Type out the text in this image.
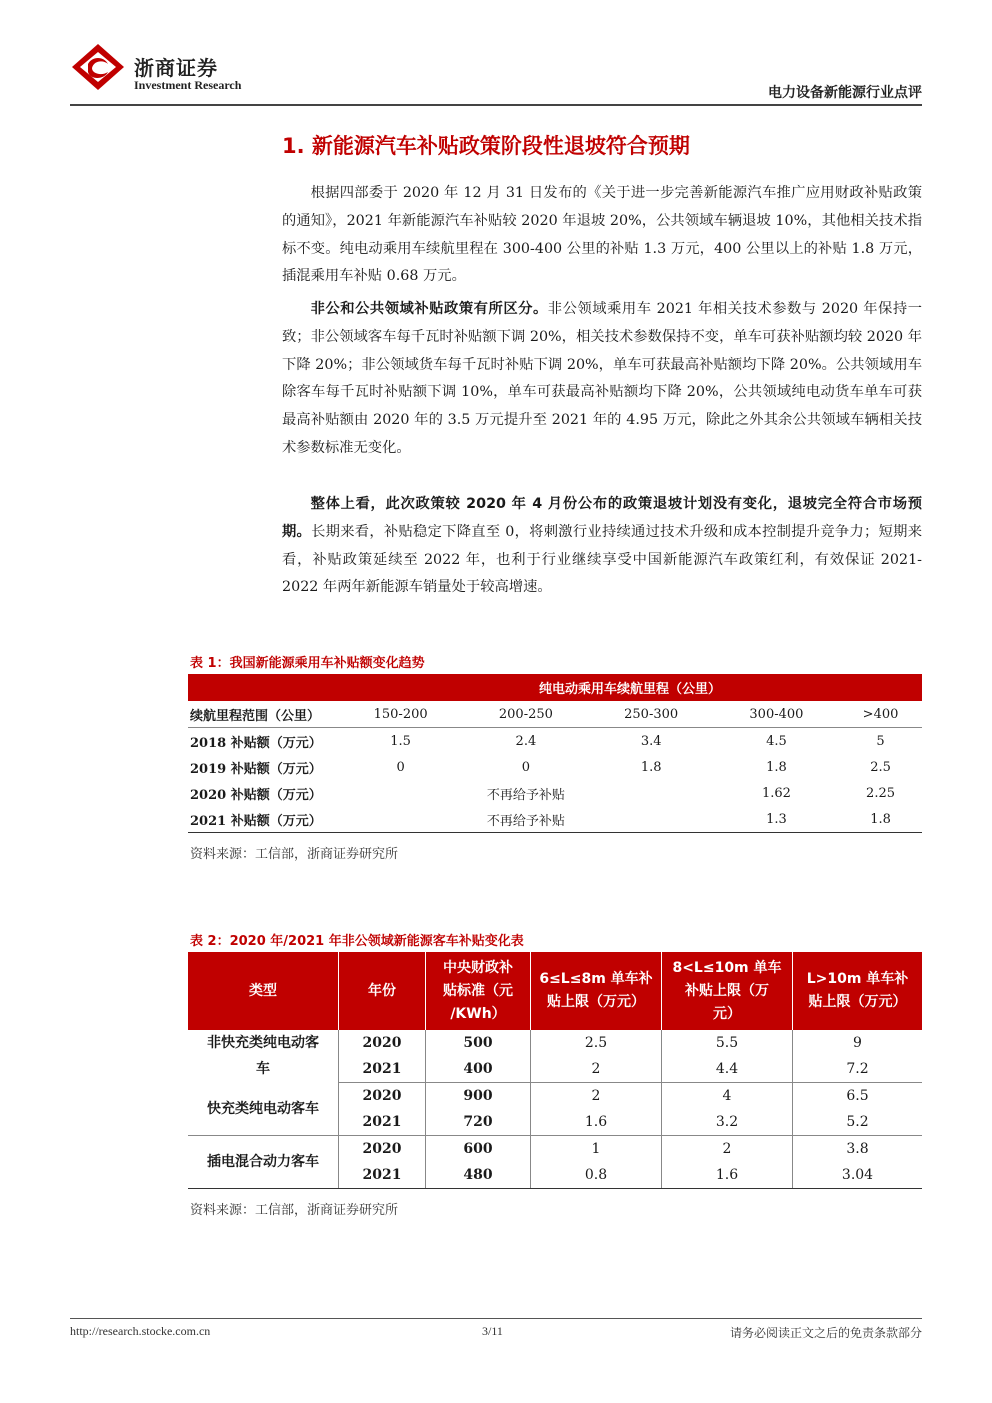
浙商证券
Investment Research	电力设备新能源行业点评
1. 新能源汽车补贴政策阶段性退坡符合预期

根据四部委于 2020 年 12 月 31 日发布的《关于进一步完善新能源汽车推广应用财政补贴政策的通知》，2021 年新能源汽车补贴较 2020 年退坡 20%，公共领域车辆退坡 10%，其他相关技术指标不变。纯电动乘用车续航里程在 300-400 公里的补贴 1.3 万元，400 公里以上的补贴 1.8 万元，插混乘用车补贴 0.68 万元。

非公和公共领域补贴政策有所区分。非公领域乘用车 2021 年相关技术参数与 2020 年保持一致；非公领域客车每千瓦时补贴额下调 20%，相关技术参数保持不变，单车可获补贴额均较 2020 年下降 20%；非公领域货车每千瓦时补贴下调 20%，单车可获最高补贴额均下降 20%。公共领域用车除客车每千瓦时补贴额下调 10%，单车可获最高补贴额均下降 20%，公共领域纯电动货车单车可获最高补贴额由 2020 年的 3.5 万元提升至 2021 年的 4.95 万元，除此之外其余公共领域车辆相关技术参数标准无变化。

整体上看，此次政策较 2020 年 4 月份公布的政策退坡计划没有变化，退坡完全符合市场预期。长期来看，补贴稳定下降直至 0，将刺激行业持续通过技术升级和成本控制提升竞争力；短期来看，补贴政策延续至 2022 年，也利于行业继续享受中国新能源汽车政策红利，有效保证 2021-2022 年两年新能源车销量处于较高增速。

表 1：我国新能源乘用车补贴额变化趋势
	纯电动乘用车续航里程（公里）				
续航里程范围（公里）	150-200	200-250	250-300	300-400	>400
2018 补贴额（万元）	1.5	2.4	3.4	4.5	5
2019 补贴额（万元）	0	0	1.8	1.8	2.5
2020 补贴额（万元）	不再给予补贴			1.62	2.25
2021 补贴额（万元）	不再给予补贴			1.3	1.8
资料来源：工信部，浙商证券研究所
表 2：2020 年/2021 年非公领域新能源客车补贴变化表
类型	年份	中央财政补
贴标准（元
/KWh）	6≤L≤8m 单车补
贴上限（万元）	8<L≤10m 单车
补贴上限（万
元）	L>10m 单车补
贴上限（万元）
非快充类纯电动客
车	2020	500	2.5	5.5	9
	2021	400	2	4.4	7.2
快充类纯电动客车	2020	900	2	4	6.5
	2021	720	1.6	3.2	5.2
插电混合动力客车	2020	600	1	2	3.8
	2021	480	0.8	1.6	3.04
资料来源：工信部，浙商证券研究所
http://research.stocke.com.cn	3/11	请务必阅读正文之后的免责条款部分
